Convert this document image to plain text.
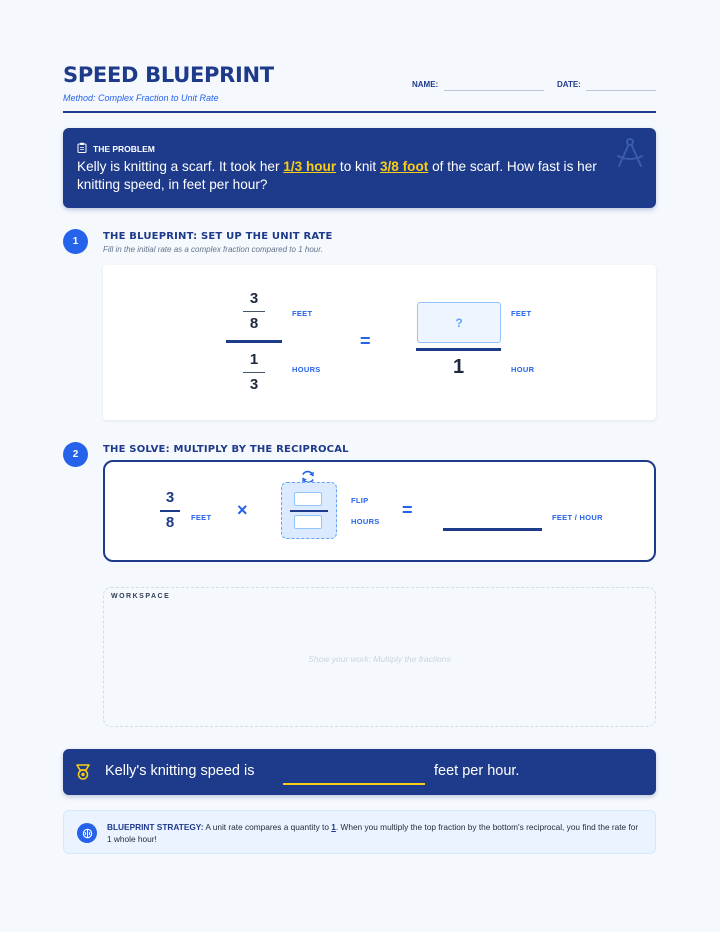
SPEED BLUEPRINT
Method: Complex Fraction to Unit Rate
NAME:	DATE:
THE PROBLEM
Kelly is knitting a scarf. It took her 1/3 hour to knit 3/8 foot of the scarf. How fast is her knitting speed, in feet per hour?
1	THE BLUEPRINT: SET UP THE UNIT RATE
Fill in the initial rate as a complex fraction compared to 1 hour.
3
8
1
3
FEET
HOURS
=
?
1
FEET
HOUR
2	THE SOLVE: MULTIPLY BY THE RECIPROCAL
3
8	FEET ×	FLIP
HOURS
=	FEET / HOUR
WORKSPACE
Show your work: Multiply the fractions
Kelly's knitting speed is	feet per hour.
BLUEPRINT STRATEGY: A unit rate compares a quantity to 1. When you multiply the top fraction by the bottom's reciprocal, you find the rate for 1 whole hour!
